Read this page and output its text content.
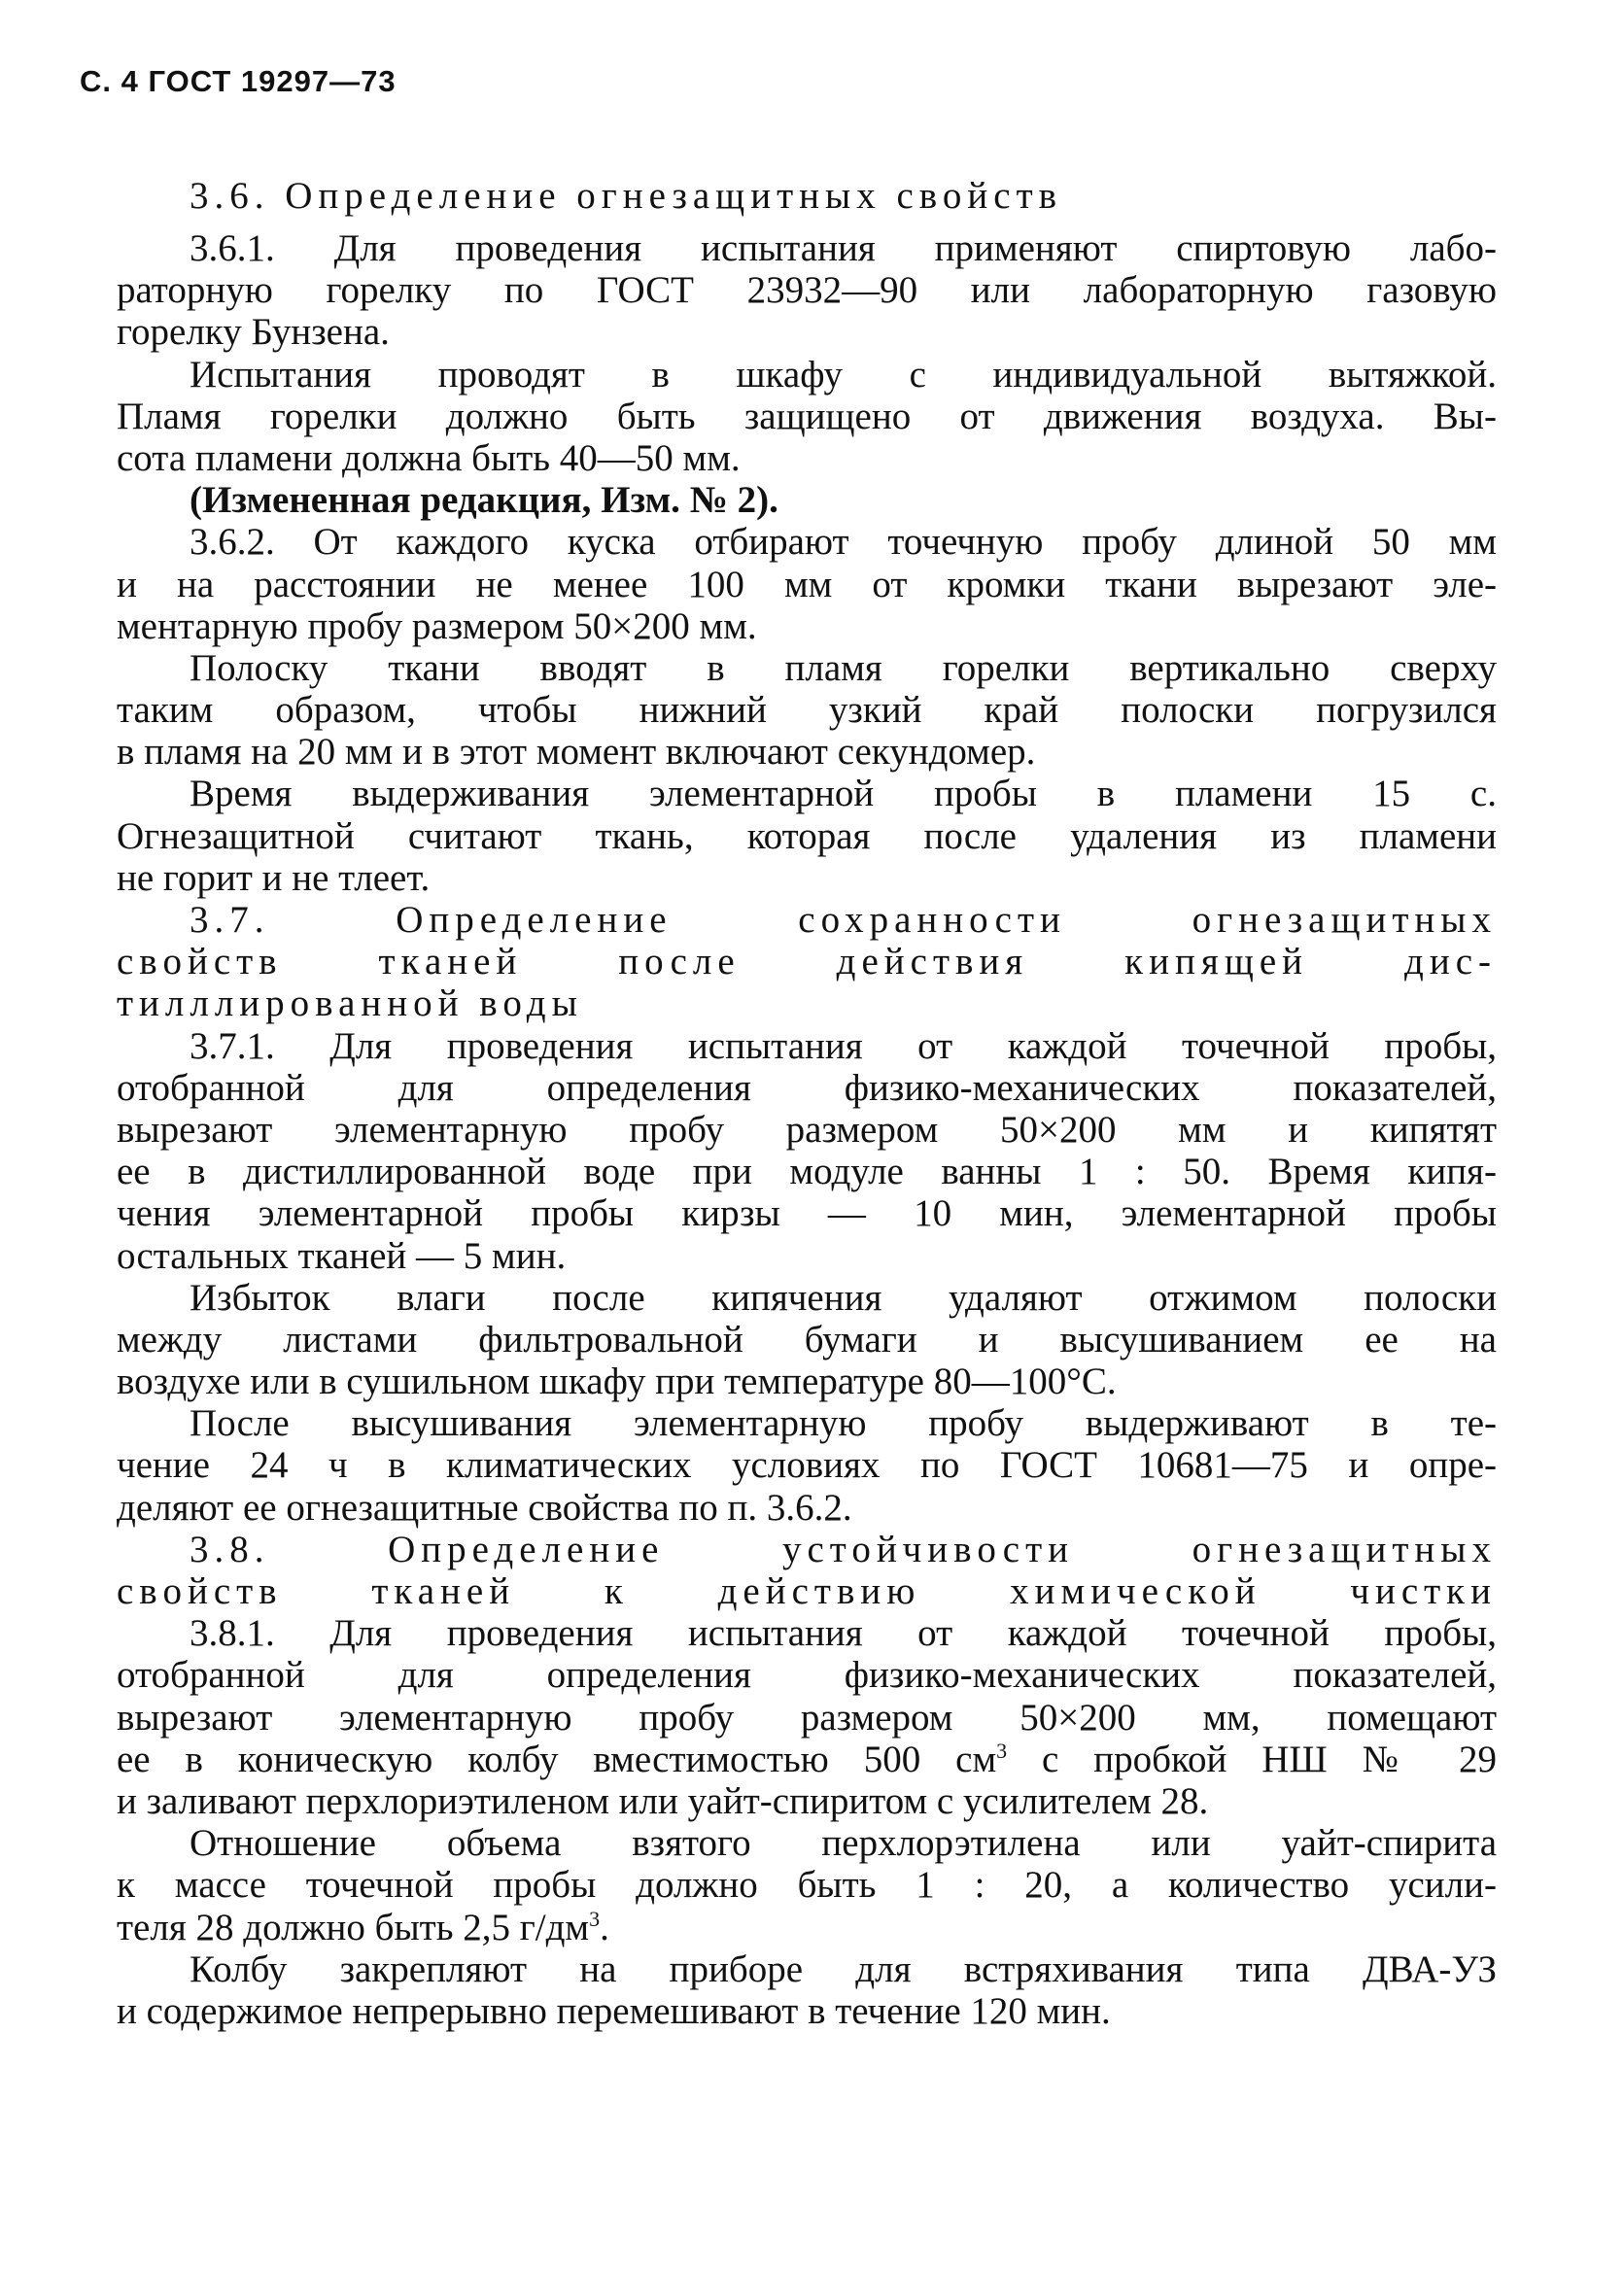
С. 4 ГОСТ 19297—73
3.6. Определение огнезащитных свойств
3.6.1. Для проведения испытания применяют спиртовую лабо-
раторную горелку по ГОСТ 23932—90 или лабораторную газовую
горелку Бунзена.
Испытания проводят в шкафу с индивидуальной вытяжкой.
Пламя горелки должно быть защищено от движения воздуха. Вы-
сота пламени должна быть 40—50 мм.
(Измененная редакция, Изм. № 2).
3.6.2. От каждого куска отбирают точечную пробу длиной 50 мм
и на расстоянии не менее 100 мм от кромки ткани вырезают эле-
ментарную пробу размером 50×200 мм.
Полоску ткани вводят в пламя горелки вертикально сверху
таким образом, чтобы нижний узкий край полоски погрузился
в пламя на 20 мм и в этот момент включают секундомер.
Время выдерживания элементарной пробы в пламени 15 с.
Огнезащитной считают ткань, которая после удаления из пламени
не горит и не тлеет.
3.7. Определение сохранности огнезащитных
свойств тканей после действия кипящей дис-
тилллированной воды
3.7.1. Для проведения испытания от каждой точечной пробы,
отобранной для определения физико-механических показателей,
вырезают элементарную пробу размером 50×200 мм и кипятят
ее в дистиллированной воде при модуле ванны 1 : 50. Время кипя-
чения элементарной пробы кирзы — 10 мин, элементарной пробы
остальных тканей — 5 мин.
Избыток влаги после кипячения удаляют отжимом полоски
между листами фильтровальной бумаги и высушиванием ее на
воздухе или в сушильном шкафу при температуре 80—100°С.
После высушивания элементарную пробу выдерживают в те-
чение 24 ч в климатических условиях по ГОСТ 10681—75 и опре-
деляют ее огнезащитные свойства по п. 3.6.2.
3.8. Определение устойчивости огнезащитных
свойств тканей к действию химической чистки
3.8.1. Для проведения испытания от каждой точечной пробы,
отобранной для определения физико-механических показателей,
вырезают элементарную пробу размером 50×200 мм, помещают
ее в коническую колбу вместимостью 500 $см^3$ с пробкой НШ № 29
и заливают перхлориэтиленом или уайт-спиритом с усилителем 28.
Отношение объема взятого перхлорэтилена или уайт-спирита
к массе точечной пробы должно быть 1 : 20, а количество усили-
теля 28 должно быть 2,5 $г/дм^3$.
Колбу закрепляют на приборе для встряхивания типа ДВА-УЗ
и содержимое непрерывно перемешивают в течение 120 мин.
